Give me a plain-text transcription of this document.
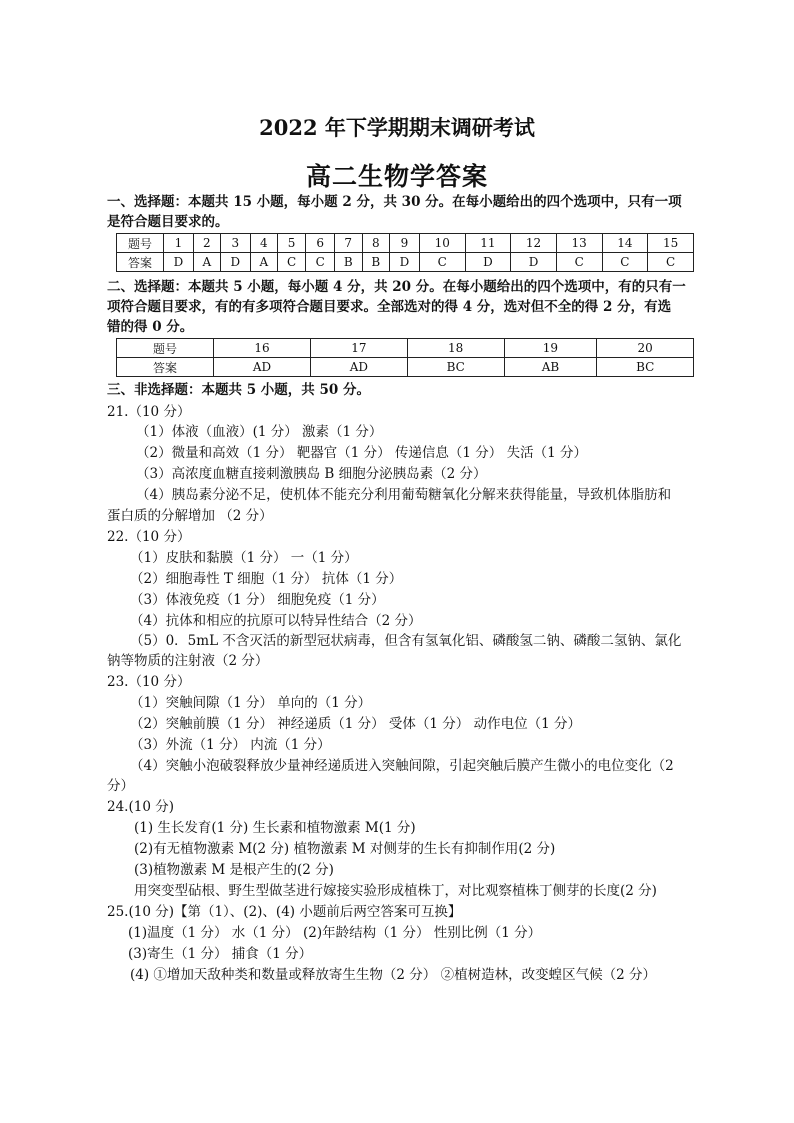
2022 年下学期期末调研考试
高二生物学答案
一、选择题：本题共 15 小题，每小题 2 分，共 30 分。在每小题给出的四个选项中，只有一项
是符合题目要求的。
题号	1	2	3	4	5	6	7	8	9	10	11	12	13	14	15
答案	D	A	D	A	C	C	B	B	D	C	D	D	C	C	C
二、选择题：本题共 5 小题，每小题 4 分，共 20 分。在每小题给出的四个选项中，有的只有一
项符合题目要求，有的有多项符合题目要求。全部选对的得 4 分，选对但不全的得 2 分，有选
错的得 0 分。
题号	16	17	18	19	20
答案	AD	AD	BC	AB	BC
三、非选择题：本题共 5 小题，共 50 分。
21.（10 分）
（1）体液（血液）(1 分） 激素（1 分）
（2）微量和高效（1 分） 靶器官（1 分） 传递信息（1 分） 失活（1 分）
（3）高浓度血糖直接刺激胰岛 B 细胞分泌胰岛素（2 分）
（4）胰岛素分泌不足，使机体不能充分利用葡萄糖氧化分解来获得能量，导致机体脂肪和
蛋白质的分解增加 （2 分）
22.（10 分）
（1）皮肤和黏膜（1 分） 一（1 分）
（2）细胞毒性 T 细胞（1 分） 抗体（1 分）
（3）体液免疫（1 分） 细胞免疫（1 分）
（4）抗体和相应的抗原可以特异性结合（2 分）
（5）0．5mL 不含灭活的新型冠状病毒，但含有氢氧化铝、磷酸氢二钠、磷酸二氢钠、氯化
钠等物质的注射液（2 分）
23.（10 分）
（1）突触间隙（1 分） 单向的（1 分）
（2）突触前膜（1 分） 神经递质（1 分） 受体（1 分） 动作电位（1 分）
（3）外流（1 分） 内流（1 分）
（4）突触小泡破裂释放少量神经递质进入突触间隙，引起突触后膜产生微小的电位变化（2
分）
24.(10 分)
(1) 生长发育(1 分) 生长素和植物激素 M(1 分)
(2)有无植物激素 M(2 分) 植物激素 M 对侧芽的生长有抑制作用(2 分)
(3)植物激素 M 是根产生的(2 分)
用突变型砧根、野生型做茎进行嫁接实验形成植株丁，对比观察植株丁侧芽的长度(2 分)
25.(10 分)【第（1）、(2)、(4) 小题前后两空答案可互换】
(1)温度（1 分） 水（1 分） (2)年龄结构（1 分） 性别比例（1 分）
(3)寄生（1 分） 捕食（1 分）
(4) ①增加天敌种类和数量或释放寄生生物（2 分） ②植树造林，改变蝗区气候（2 分）
